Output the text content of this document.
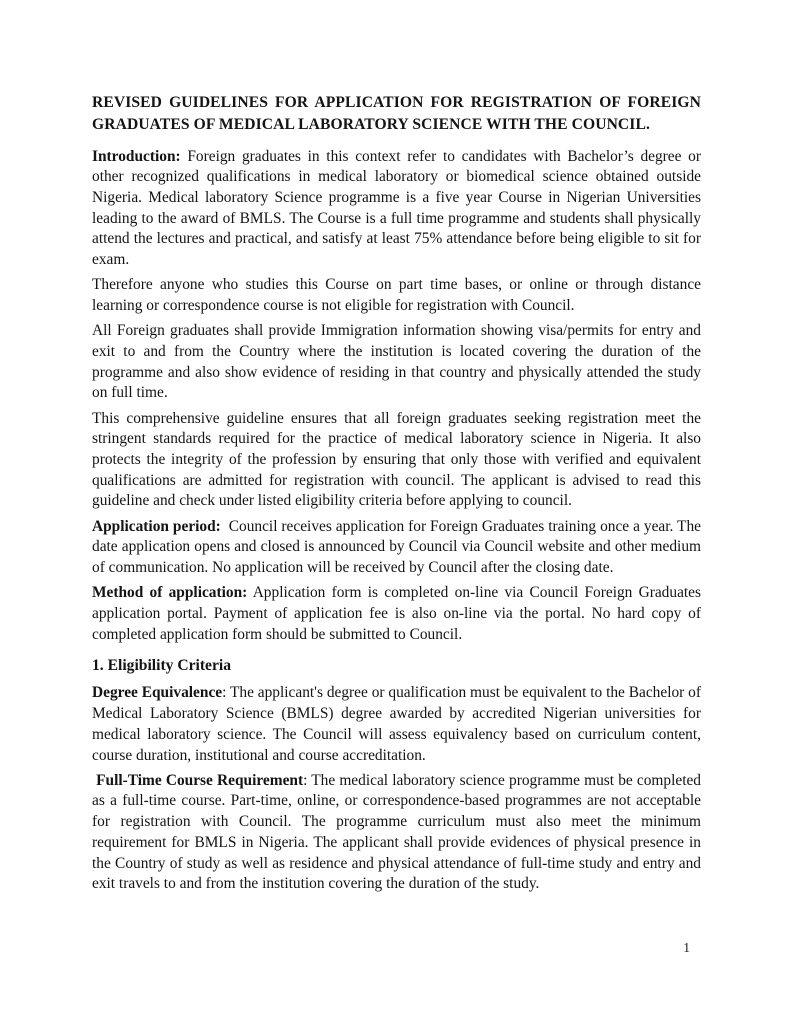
REVISED GUIDELINES FOR APPLICATION FOR REGISTRATION OF FOREIGN GRADUATES OF MEDICAL LABORATORY SCIENCE WITH THE COUNCIL.

Introduction: Foreign graduates in this context refer to candidates with Bachelor’s degree or other recognized qualifications in medical laboratory or biomedical science obtained outside Nigeria. Medical laboratory Science programme is a five year Course in Nigerian Universities leading to the award of BMLS. The Course is a full time programme and students shall physically attend the lectures and practical, and satisfy at least 75% attendance before being eligible to sit for exam.

Therefore anyone who studies this Course on part time bases, or online or through distance learning or correspondence course is not eligible for registration with Council.

All Foreign graduates shall provide Immigration information showing visa/permits for entry and exit to and from the Country where the institution is located covering the duration of the programme and also show evidence of residing in that country and physically attended the study on full time.

This comprehensive guideline ensures that all foreign graduates seeking registration meet the stringent standards required for the practice of medical laboratory science in Nigeria. It also protects the integrity of the profession by ensuring that only those with verified and equivalent qualifications are admitted for registration with council. The applicant is advised to read this guideline and check under listed eligibility criteria before applying to council.

Application period:  Council receives application for Foreign Graduates training once a year. The date application opens and closed is announced by Council via Council website and other medium of communication. No application will be received by Council after the closing date.

Method of application: Application form is completed on-line via Council Foreign Graduates application portal. Payment of application fee is also on-line via the portal. No hard copy of completed application form should be submitted to Council.

1. Eligibility Criteria

Degree Equivalence: The applicant's degree or qualification must be equivalent to the Bachelor of Medical Laboratory Science (BMLS) degree awarded by accredited Nigerian universities for medical laboratory science. The Council will assess equivalency based on curriculum content, course duration, institutional and course accreditation.

Full-Time Course Requirement: The medical laboratory science programme must be completed as a full-time course. Part-time, online, or correspondence-based programmes are not acceptable for registration with Council. The programme curriculum must also meet the minimum requirement for BMLS in Nigeria. The applicant shall provide evidences of physical presence in the Country of study as well as residence and physical attendance of full-time study and entry and exit travels to and from the institution covering the duration of the study.

1
